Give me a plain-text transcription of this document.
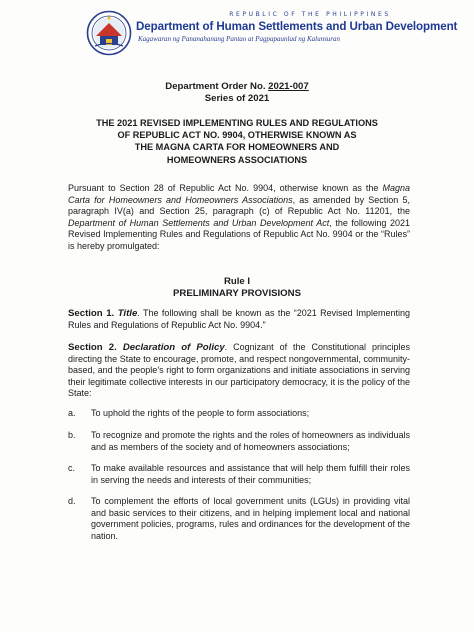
REPUBLIC OF THE PHILIPPINES
Department of Human Settlements and Urban Development
Kagawaran ng Pananahanang Pantao at Pagpapaunlad ng Kalunsuran
Department Order No. 2021-007
Series of 2021
THE 2021 REVISED IMPLEMENTING RULES AND REGULATIONS
OF REPUBLIC ACT NO. 9904, OTHERWISE KNOWN AS
THE MAGNA CARTA FOR HOMEOWNERS AND
HOMEOWNERS ASSOCIATIONS
Pursuant to Section 28 of Republic Act No. 9904, otherwise known as the Magna Carta for Homeowners and Homeowners Associations, as amended by Section 5, paragraph IV(a) and Section 25, paragraph (c) of Republic Act No. 11201, the Department of Human Settlements and Urban Development Act, the following 2021 Revised Implementing Rules and Regulations of Republic Act No. 9904 or the “Rules” is hereby promulgated:
Rule I
PRELIMINARY PROVISIONS
Section 1. Title. The following shall be known as the “2021 Revised Implementing Rules and Regulations of Republic Act No. 9904.”
Section 2. Declaration of Policy. Cognizant of the Constitutional principles directing the State to encourage, promote, and respect nongovernmental, community-based, and the people’s right to form organizations and initiate associations in serving their legitimate collective interests in our participatory democracy, it is the policy of the State:
a. To uphold the rights of the people to form associations;
b. To recognize and promote the rights and the roles of homeowners as individuals and as members of the society and of homeowners associations;
c. To make available resources and assistance that will help them fulfill their roles in serving the needs and interests of their communities;
d. To complement the efforts of local government units (LGUs) in providing vital and basic services to their citizens, and in helping implement local and national government policies, programs, rules and ordinances for the development of the nation.
